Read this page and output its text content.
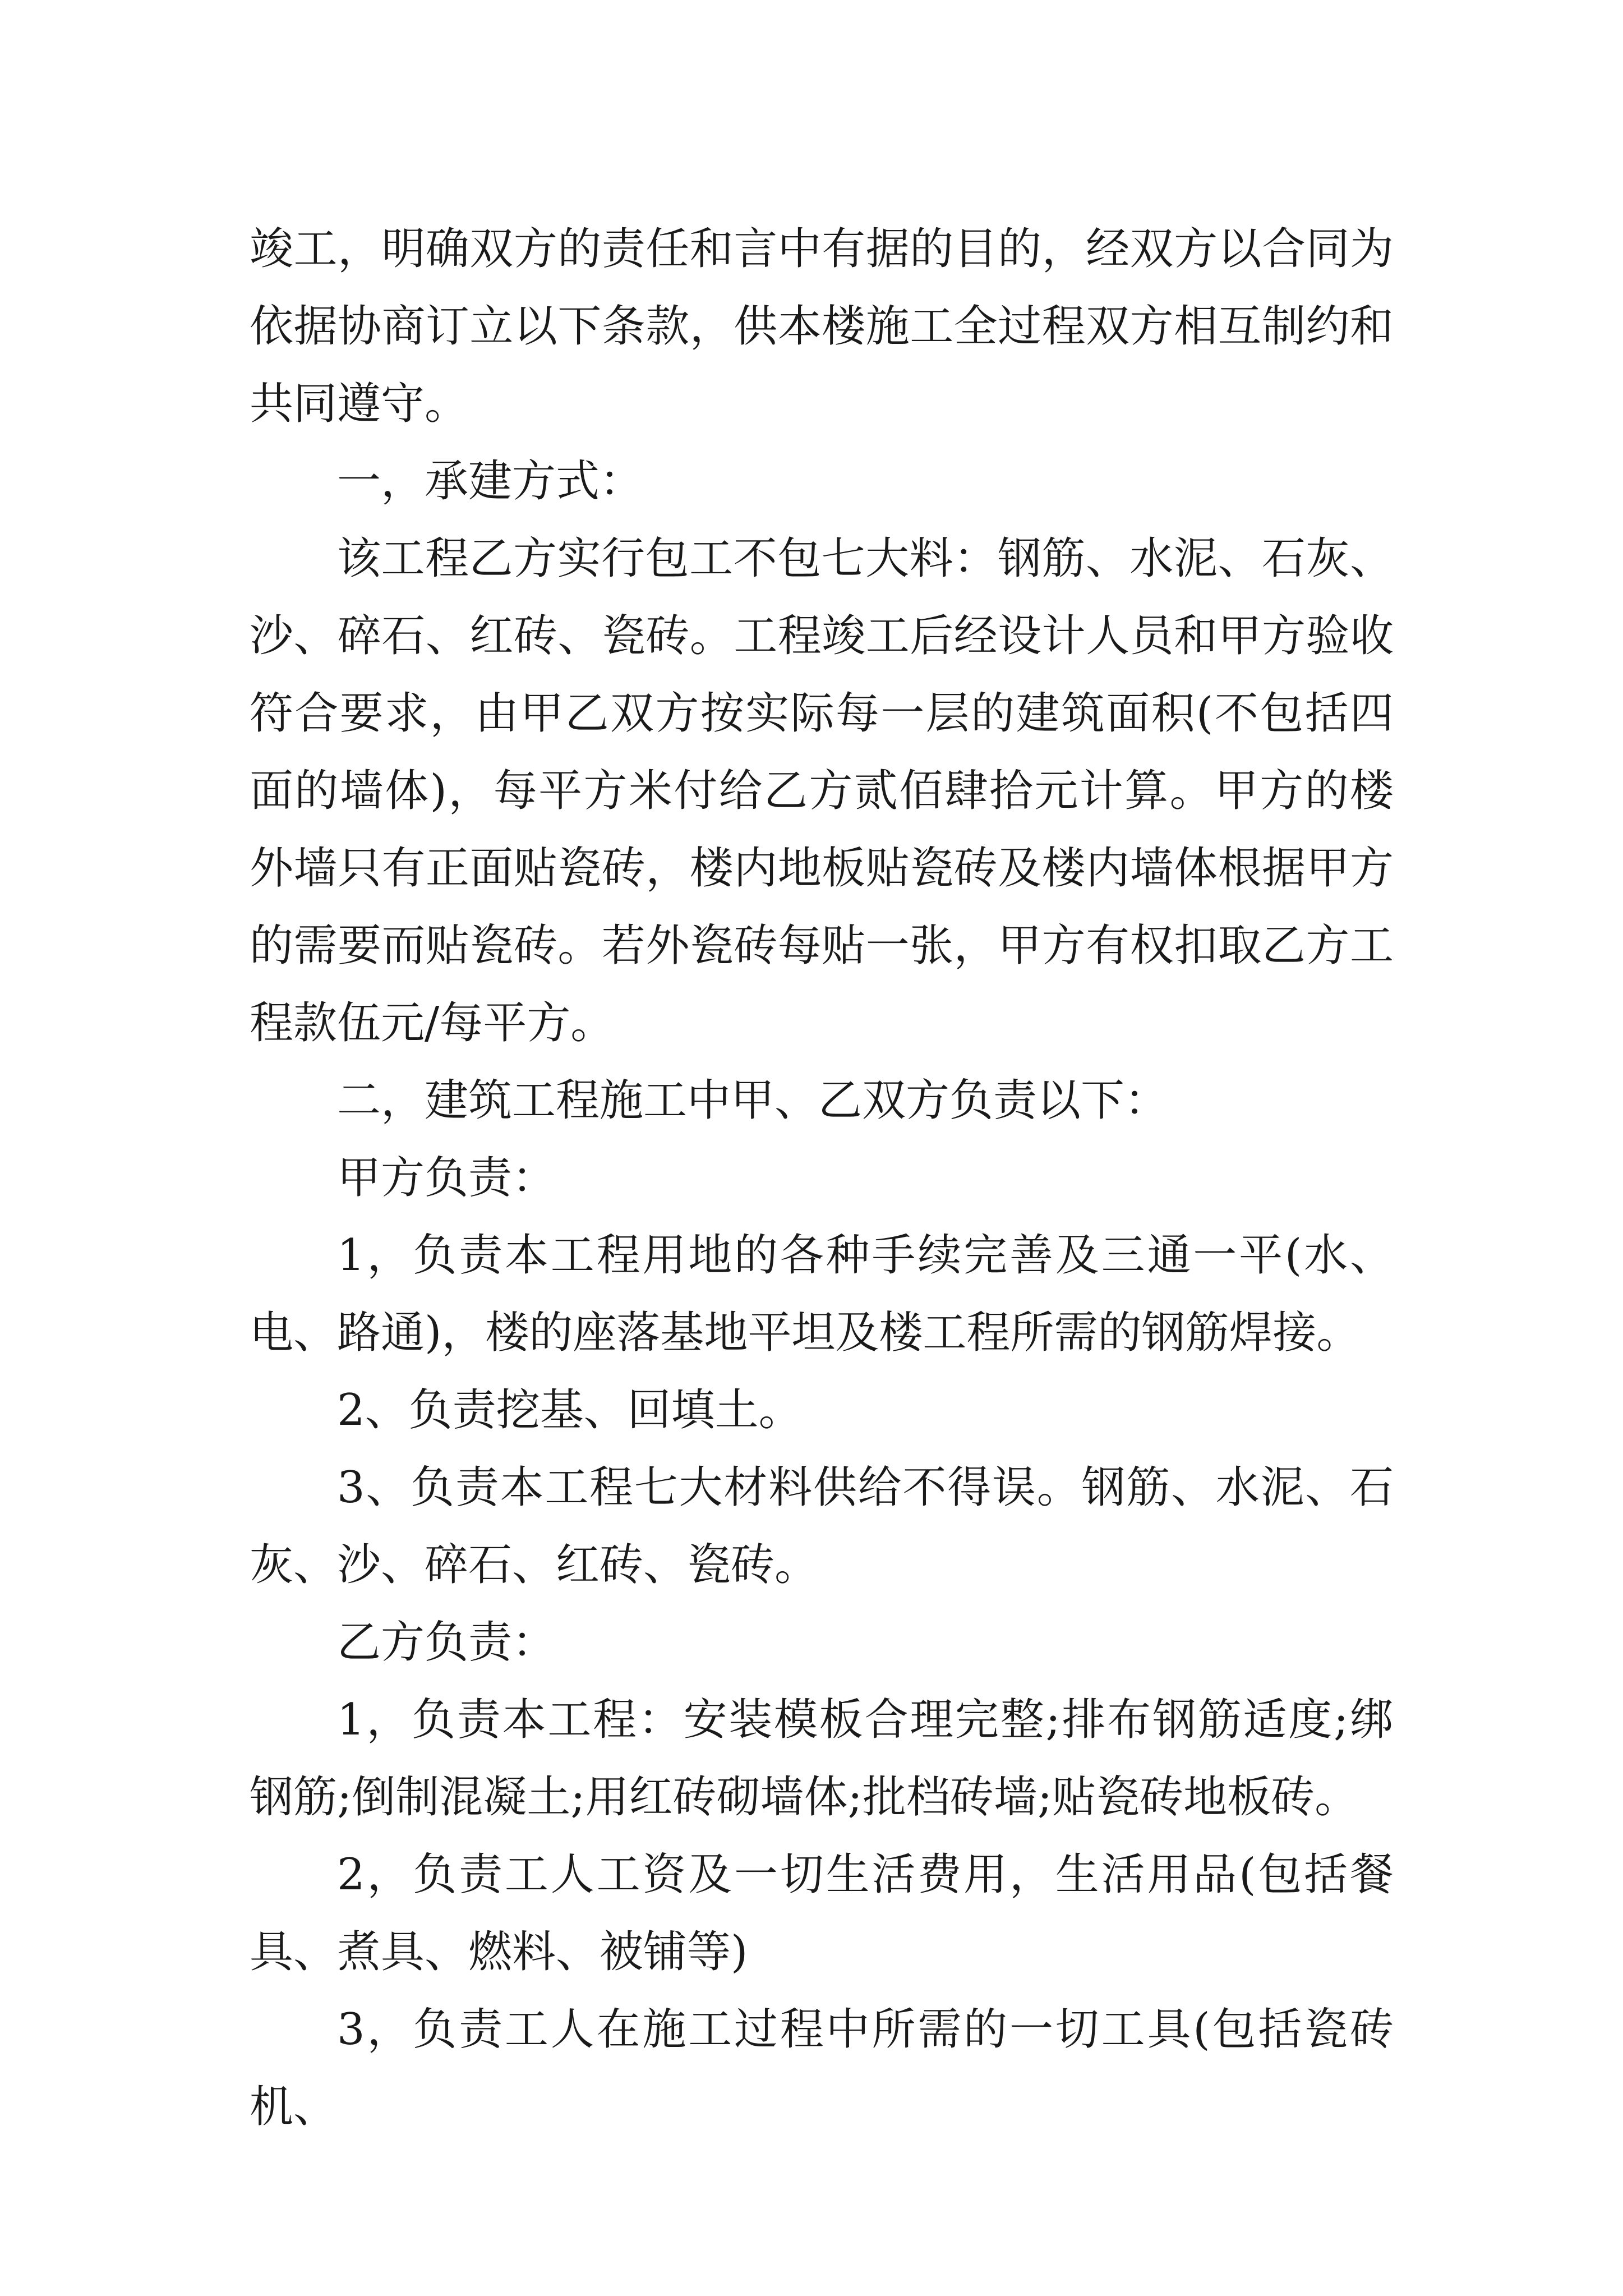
竣工，明确双方的责任和言中有据的目的，经双方以合同为依据协商订立以下条款，供本楼施工全过程双方相互制约和共同遵守。

一，承建方式：

该工程乙方实行包工不包七大料：钢筋、水泥、石灰、沙、碎石、红砖、瓷砖。工程竣工后经设计人员和甲方验收符合要求，由甲乙双方按实际每一层的建筑面积(不包括四面的墙体)，每平方米付给乙方贰佰肆拾元计算。甲方的楼外墙只有正面贴瓷砖，楼内地板贴瓷砖及楼内墙体根据甲方的需要而贴瓷砖。若外瓷砖每贴一张，甲方有权扣取乙方工程款伍元/每平方。

二，建筑工程施工中甲、乙双方负责以下：

甲方负责：

1，负责本工程用地的各种手续完善及三通一平(水、电、路通)，楼的座落基地平坦及楼工程所需的钢筋焊接。

2、负责挖基、回填土。

3、负责本工程七大材料供给不得误。钢筋、水泥、石灰、沙、碎石、红砖、瓷砖。

乙方负责：

1，负责本工程：安装模板合理完整;排布钢筋适度;绑钢筋;倒制混凝土;用红砖砌墙体;批档砖墙;贴瓷砖地板砖。

2，负责工人工资及一切生活费用，生活用品(包括餐具、煮具、燃料、被铺等)

3，负责工人在施工过程中所需的一切工具(包括瓷砖机、
